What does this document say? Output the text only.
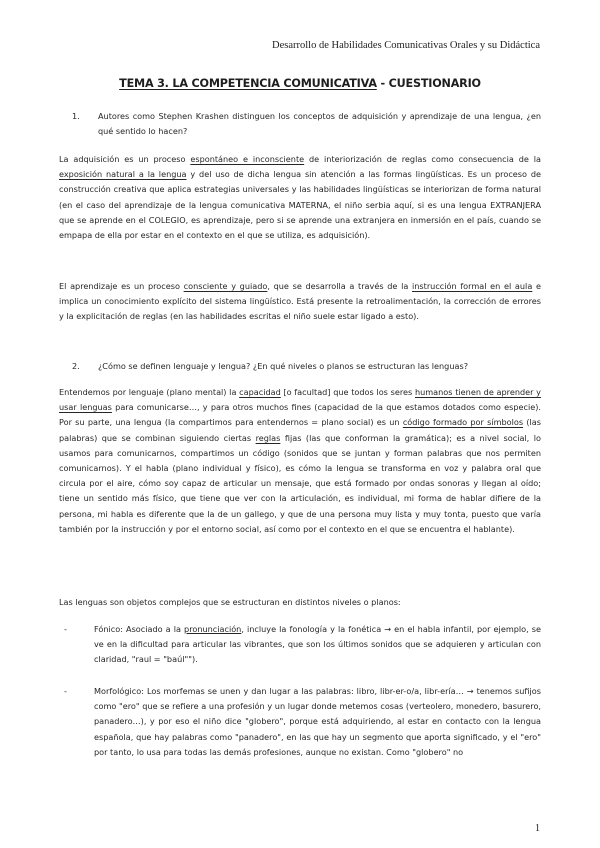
Desarrollo de Habilidades Comunicativas Orales y su Didáctica
TEMA 3. LA COMPETENCIA COMUNICATIVA - CUESTIONARIO
1.	Autores como Stephen Krashen distinguen los conceptos de adquisición y aprendizaje de una lengua, ¿en qué sentido lo hacen?
La adquisición es un proceso espontáneo e inconsciente de interiorización de reglas como consecuencia de la exposición natural a la lengua y del uso de dicha lengua sin atención a las formas lingüísticas. Es un proceso de construcción creativa que aplica estrategias universales y las habilidades lingüísticas se interiorizan de forma natural (en el caso del aprendizaje de la lengua comunicativa MATERNA, el niño serbia aquí, si es una lengua EXTRANJERA que se aprende en el COLEGIO, es aprendizaje, pero si se aprende una extranjera en inmersión en el país, cuando se empapa de ella por estar en el contexto en el que se utiliza, es adquisición).
El aprendizaje es un proceso consciente y guiado, que se desarrolla a través de la instrucción formal en el aula e implica un conocimiento explícito del sistema lingüístico. Está presente la retroalimentación, la corrección de errores y la explicitación de reglas (en las habilidades escritas el niño suele estar ligado a esto).
2.	¿Cómo se definen lenguaje y lengua? ¿En qué niveles o planos se estructuran las lenguas?
Entendemos por lenguaje (plano mental) la capacidad [o facultad] que todos los seres humanos tienen de aprender y usar lenguas para comunicarse…, y para otros muchos fines (capacidad de la que estamos dotados como especie). Por su parte, una lengua (la compartimos para entendernos = plano social) es un código formado por símbolos (las palabras) que se combinan siguiendo ciertas reglas fijas (las que conforman la gramática); es a nivel social, lo usamos para comunicarnos, compartimos un código (sonidos que se juntan y forman palabras que nos permiten comunicarnos). Y el habla (plano individual y físico), es cómo la lengua se transforma en voz y palabra oral que circula por el aire, cómo soy capaz de articular un mensaje, que está formado por ondas sonoras y llegan al oído; tiene un sentido más físico, que tiene que ver con la articulación, es individual, mi forma de hablar difiere de la persona, mi habla es diferente que la de un gallego, y que de una persona muy lista y muy tonta, puesto que varía también por la instrucción y por el entorno social, así como por el contexto en el que se encuentra el hablante).
Las lenguas son objetos complejos que se estructuran en distintos niveles o planos:
-	Fónico: Asociado a la pronunciación, incluye la fonología y la fonética → en el habla infantil, por ejemplo, se ve en la dificultad para articular las vibrantes, que son los últimos sonidos que se adquieren y articulan con claridad, "raul = "baúl"").
-	Morfológico: Los morfemas se unen y dan lugar a las palabras: libro, libr-er-o/a, libr-ería… → tenemos sufijos como "ero" que se refiere a una profesión y un lugar donde metemos cosas (verteolero, monedero, basurero, panadero…), y por eso el niño dice "globero", porque está adquiriendo, al estar en contacto con la lengua española, que hay palabras como "panadero", en las que hay un segmento que aporta significado, y el "ero" por tanto, lo usa para todas las demás profesiones, aunque no existan. Como "globero" no
1
